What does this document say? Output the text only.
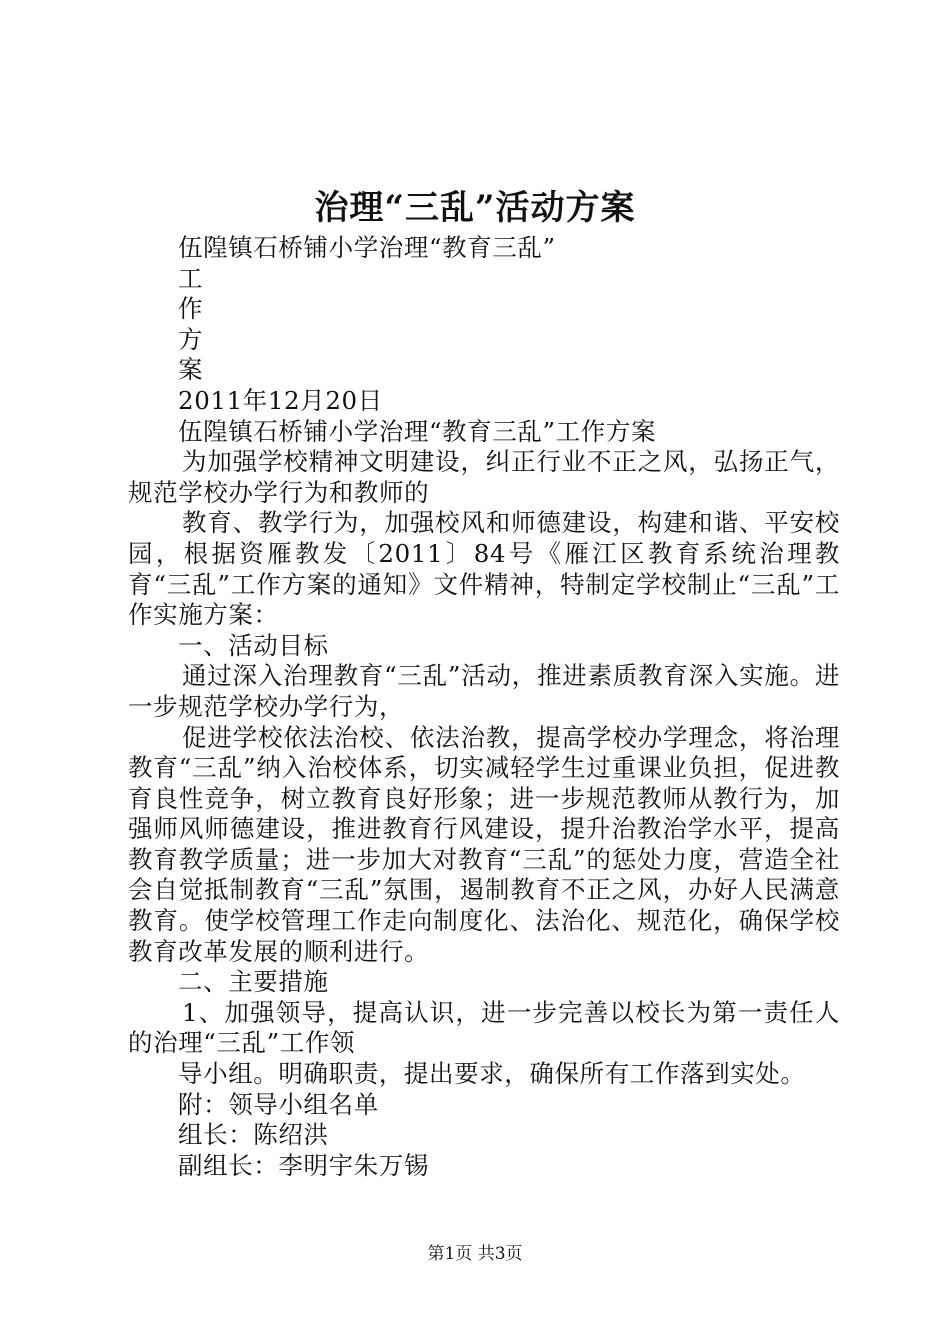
治理“三乱”活动方案
伍隍镇石桥铺小学治理“教育三乱”
工
作
方
案
2011年12月20日
伍隍镇石桥铺小学治理“教育三乱”工作方案
为加强学校精神文明建设，纠正行业不正之风，弘扬正气，规范学校办学行为和教师的
教育、教学行为，加强校风和师德建设，构建和谐、平安校园，根据资雁教发〔2011〕84号《雁江区教育系统治理教育“三乱”工作方案的通知》文件精神，特制定学校制止“三乱”工作实施方案：
一、活动目标
通过深入治理教育“三乱”活动，推进素质教育深入实施。进一步规范学校办学行为，
促进学校依法治校、依法治教，提高学校办学理念，将治理教育“三乱”纳入治校体系，切实减轻学生过重课业负担，促进教育良性竞争，树立教育良好形象；进一步规范教师从教行为，加强师风师德建设，推进教育行风建设，提升治教治学水平，提高教育教学质量；进一步加大对教育“三乱”的惩处力度，营造全社会自觉抵制教育“三乱”氛围，遏制教育不正之风，办好人民满意教育。使学校管理工作走向制度化、法治化、规范化，确保学校教育改革发展的顺利进行。
二、主要措施
1、加强领导，提高认识，进一步完善以校长为第一责任人的治理“三乱”工作领
导小组。明确职责，提出要求，确保所有工作落到实处。
附：领导小组名单
组长：陈绍洪
副组长：李明宇朱万锡
第1页 共3页
